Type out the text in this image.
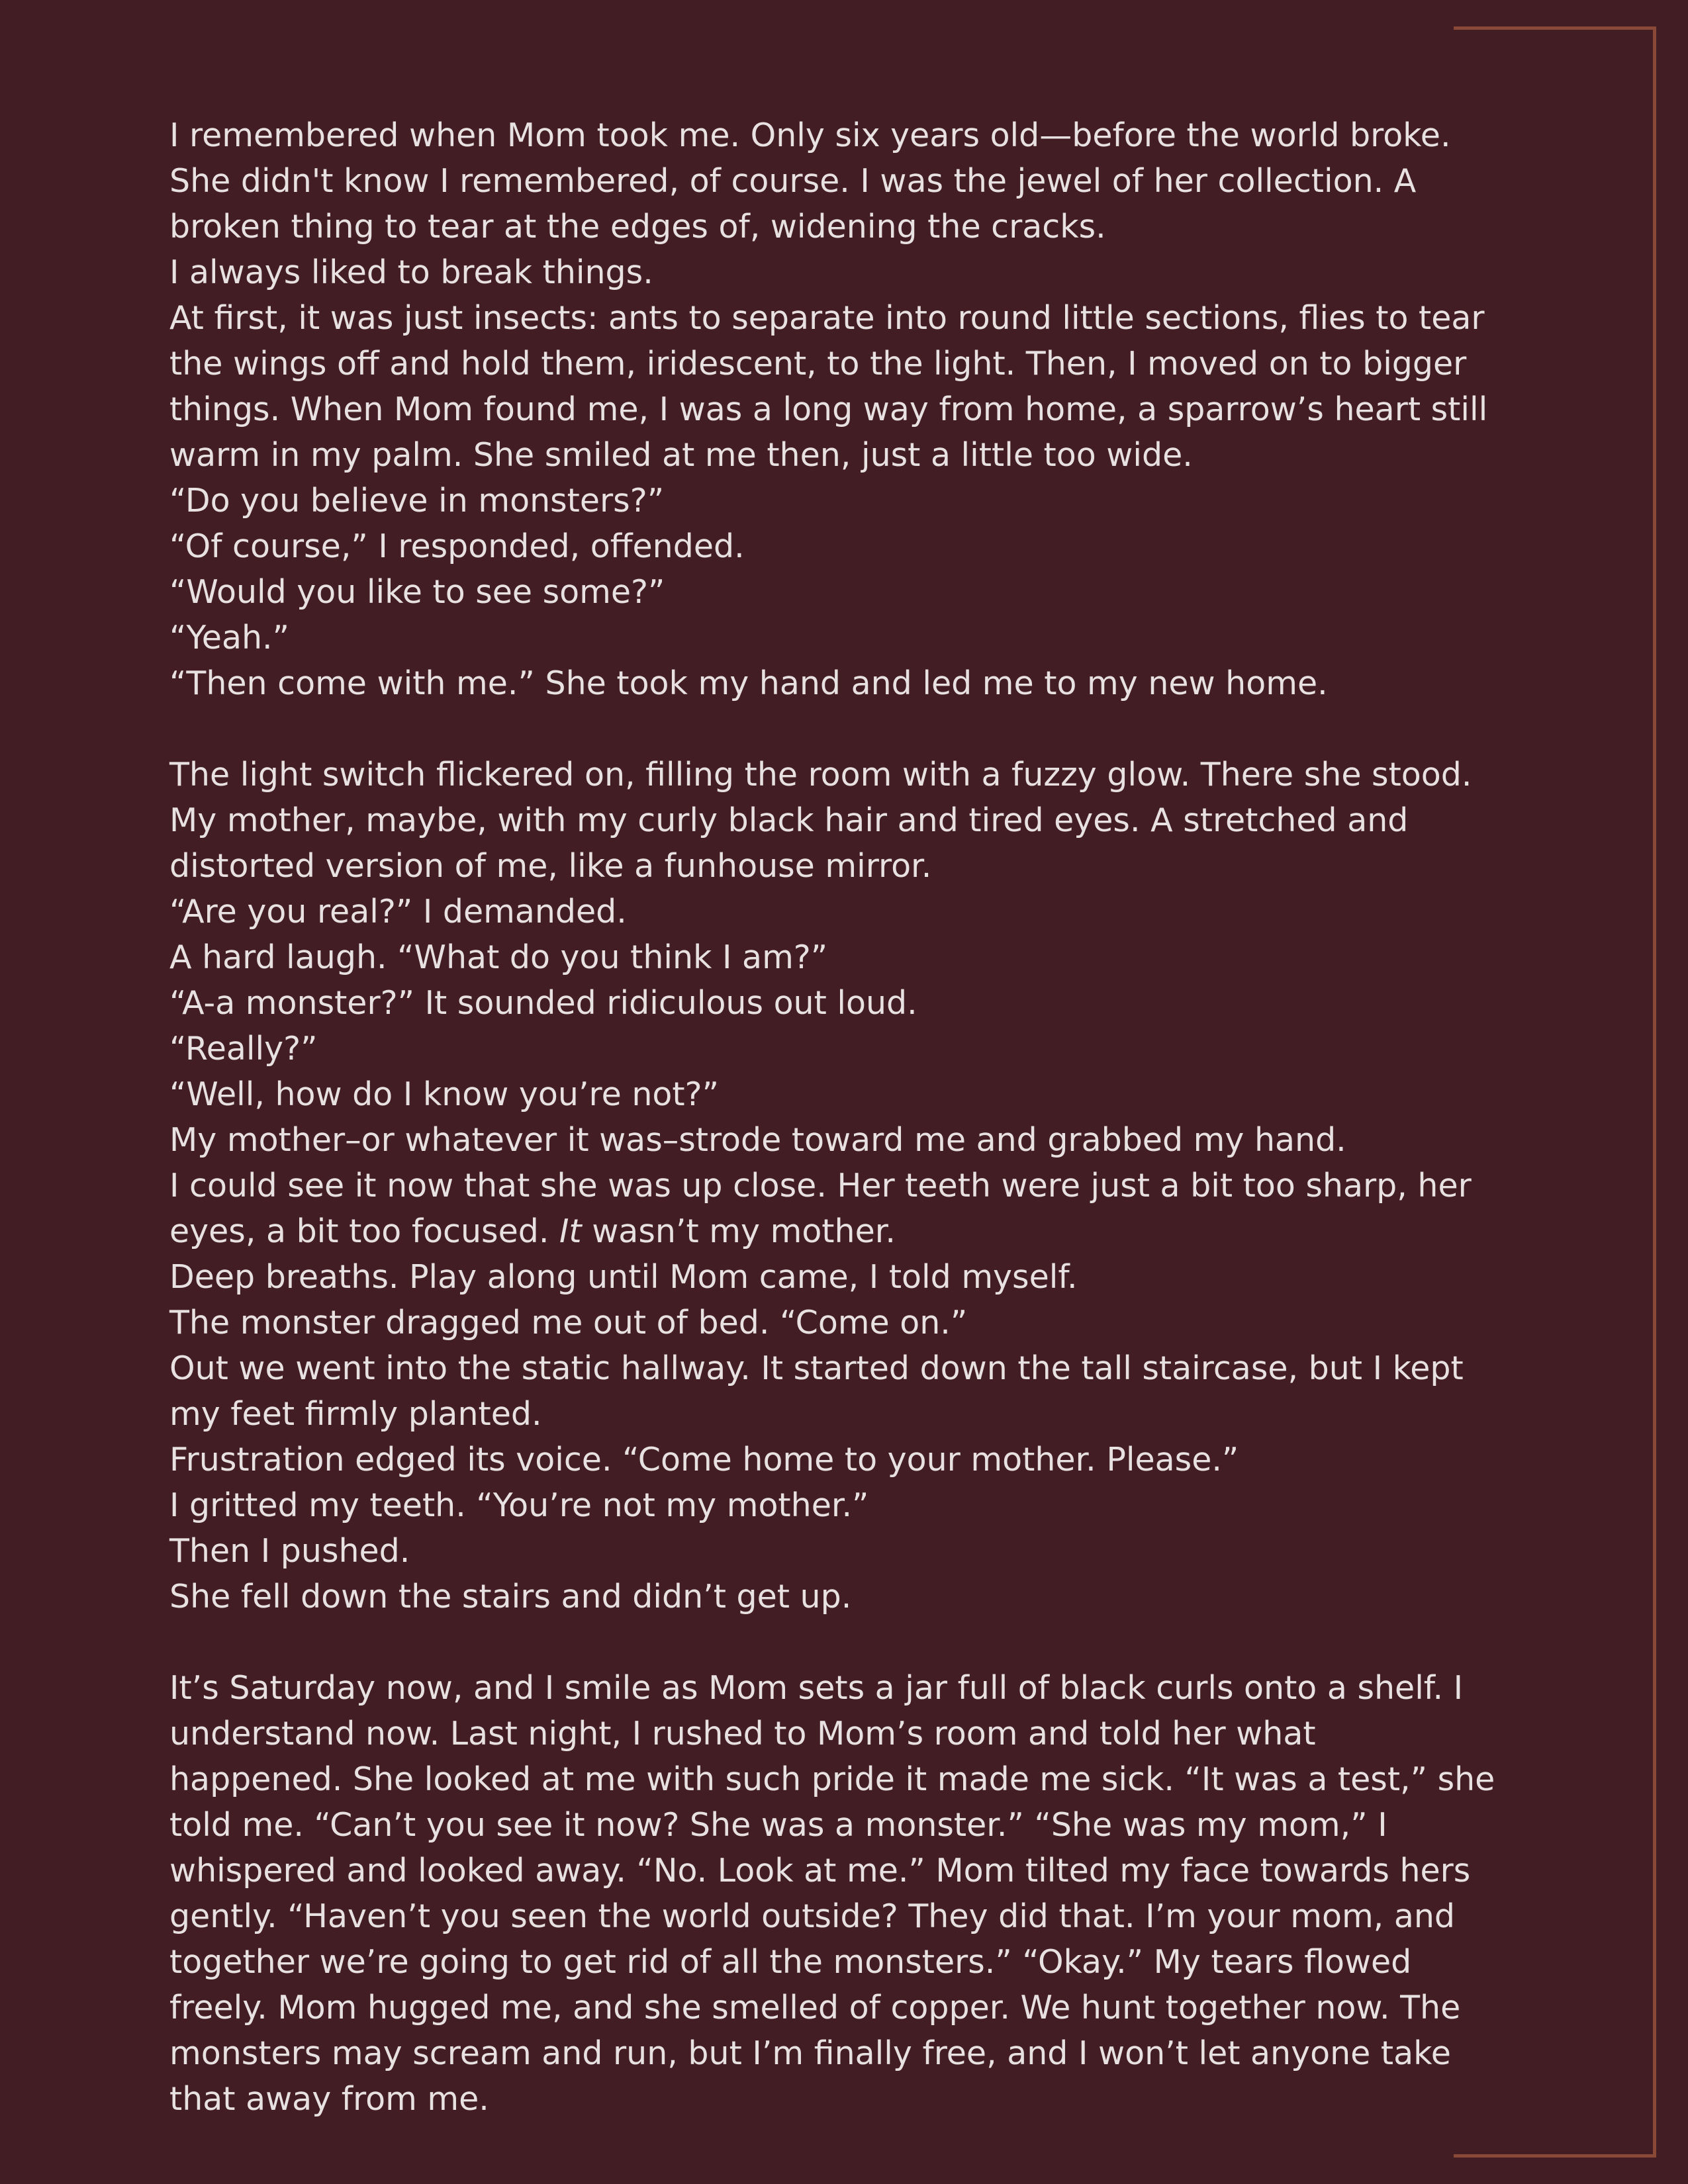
I remembered when Mom took me. Only six years old—before the world broke.
She didn't know I remembered, of course. I was the jewel of her collection. A
broken thing to tear at the edges of, widening the cracks.
I always liked to break things.
At first, it was just insects: ants to separate into round little sections, flies to tear
the wings off and hold them, iridescent, to the light. Then, I moved on to bigger
things. When Mom found me, I was a long way from home, a sparrow’s heart still
warm in my palm. She smiled at me then, just a little too wide.
“Do you believe in monsters?”
“Of course,” I responded, offended.
“Would you like to see some?”
“Yeah.”
“Then come with me.” She took my hand and led me to my new home.
The light switch flickered on, filling the room with a fuzzy glow. There she stood.
My mother, maybe, with my curly black hair and tired eyes. A stretched and
distorted version of me, like a funhouse mirror.
“Are you real?” I demanded.
A hard laugh. “What do you think I am?”
“A-a monster?” It sounded ridiculous out loud.
“Really?”
“Well, how do I know you’re not?”
My mother–or whatever it was–strode toward me and grabbed my hand.
I could see it now that she was up close. Her teeth were just a bit too sharp, her
eyes, a bit too focused. It wasn’t my mother.
Deep breaths. Play along until Mom came, I told myself.
The monster dragged me out of bed. “Come on.”
Out we went into the static hallway. It started down the tall staircase, but I kept
my feet firmly planted.
Frustration edged its voice. “Come home to your mother. Please.”
I gritted my teeth. “You’re not my mother.”
Then I pushed.
She fell down the stairs and didn’t get up.
It’s Saturday now, and I smile as Mom sets a jar full of black curls onto a shelf. I
understand now. Last night, I rushed to Mom’s room and told her what
happened. She looked at me with such pride it made me sick. “It was a test,” she
told me. “Can’t you see it now? She was a monster.” “She was my mom,” I
whispered and looked away. “No. Look at me.” Mom tilted my face towards hers
gently. “Haven’t you seen the world outside? They did that. I’m your mom, and
together we’re going to get rid of all the monsters.” “Okay.” My tears flowed
freely. Mom hugged me, and she smelled of copper. We hunt together now. The
monsters may scream and run, but I’m finally free, and I won’t let anyone take
that away from me.
